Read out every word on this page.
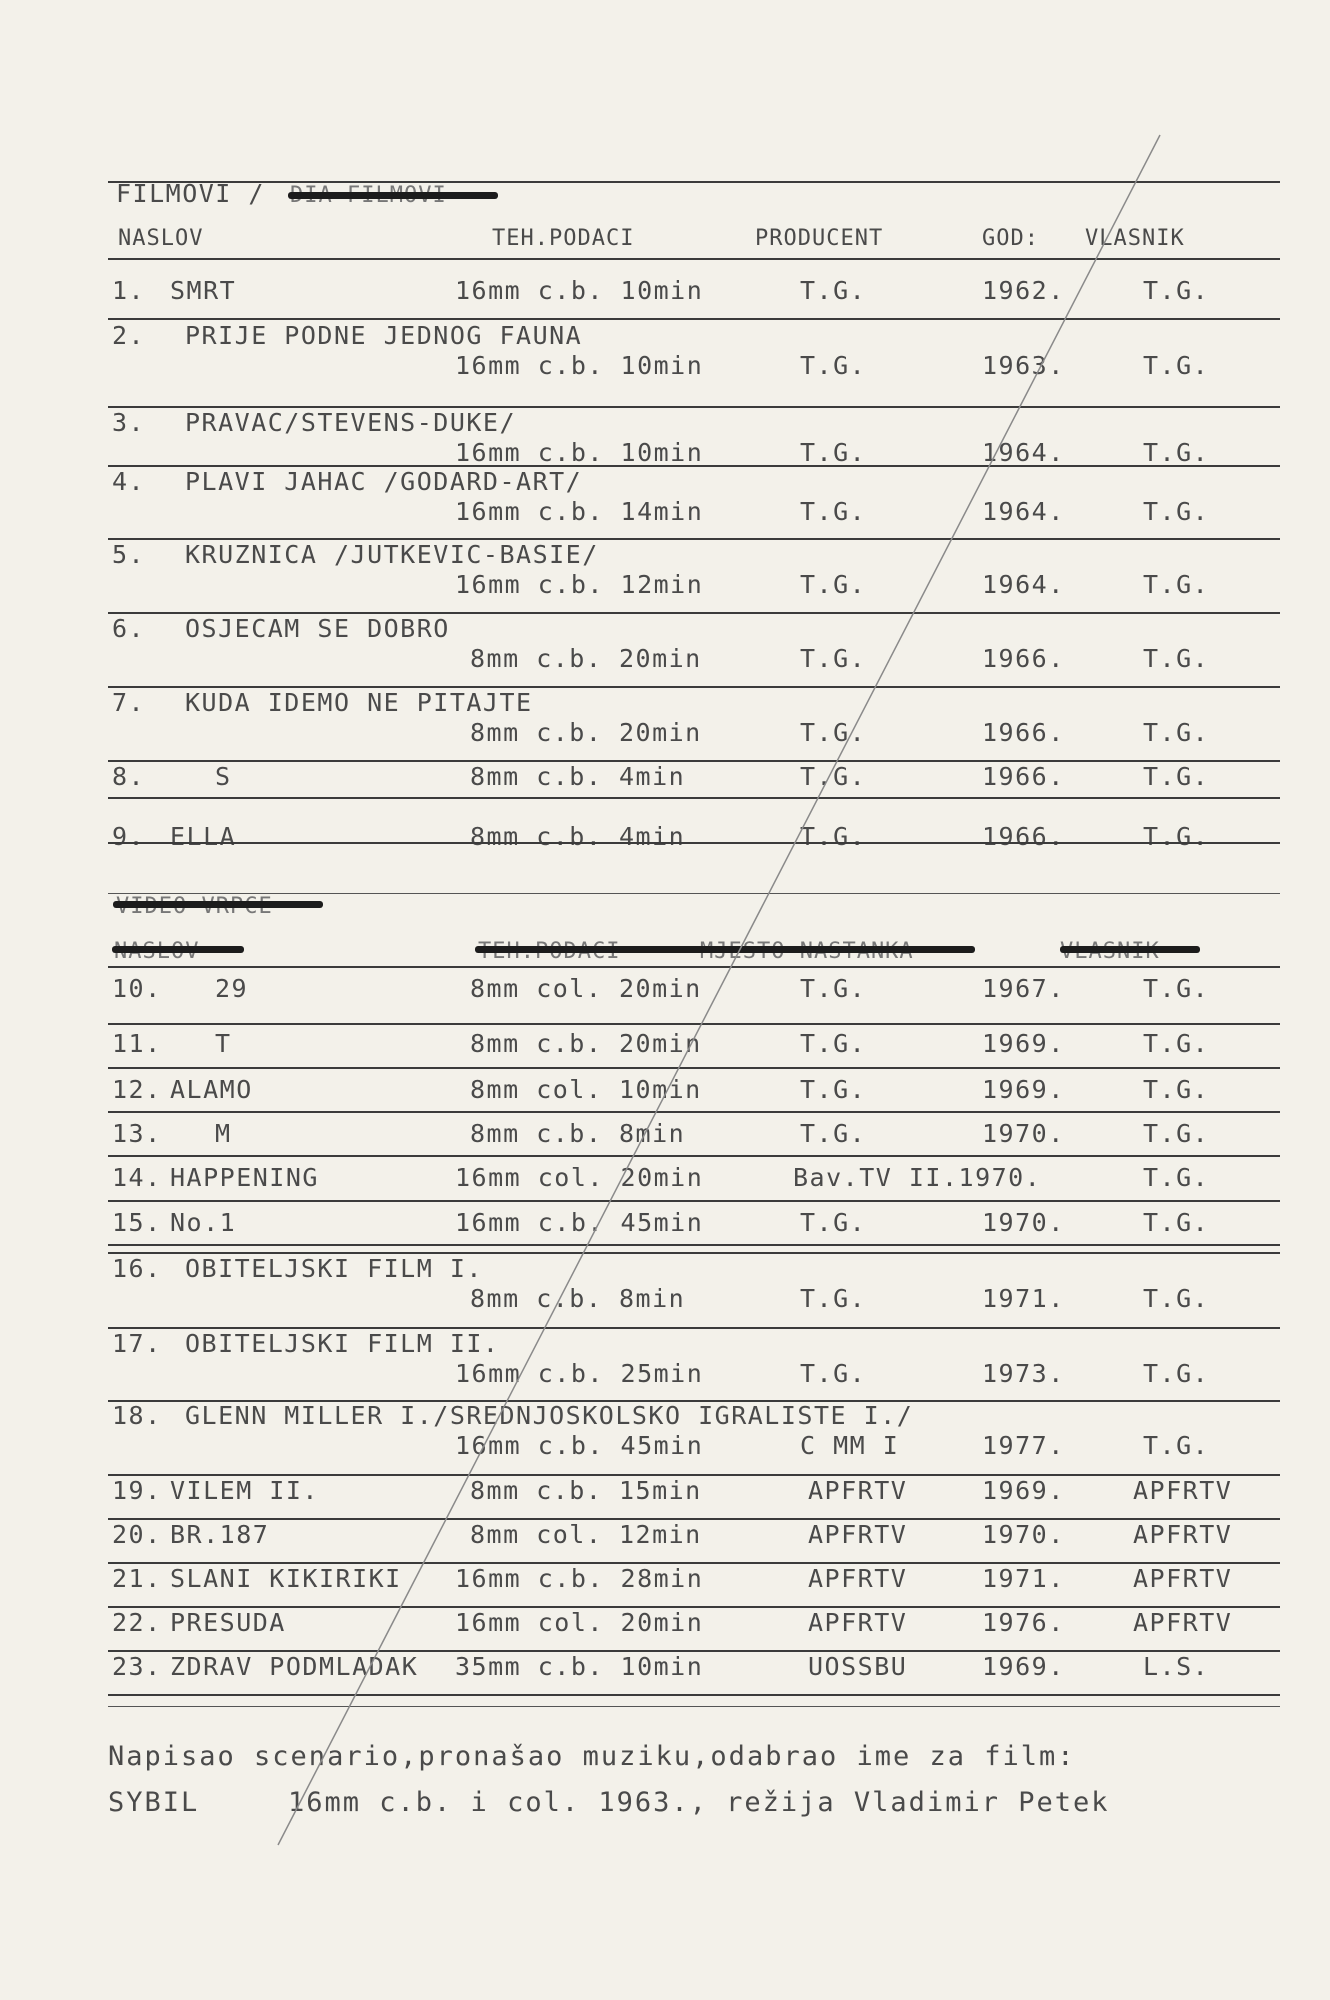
FILMOVI /
NASLOV	TEH.PODACI	PRODUCENT	GOD: VLASNIK
1. SMRT	16mm c.b. 10min	T.G.	1962.	T.G.
2. PRIJE PODNE JEDNOG FAUNA
16mm c.b. 10min	T.G.	1963.	T.G.
3. PRAVAC/STEVENS-DUKE/
16mm c.b. 10min	T.G.	1964.	T.G.
4. PLAVI JAHAC /GODARD-ART/
16mm c.b. 14min	T.G.	1964.	T.G.
5. KRUZNICA /JUTKEVIC-BASIE/
16mm c.b. 12min	T.G.	1964.	T.G.
6. OSJECAM SE DOBRO
8mm c.b. 20min	T.G.	1966.	T.G.
7. KUDA IDEMO NE PITAJTE
8mm c.b. 20min	T.G.	1966.	T.G.
8.	S	8mm c.b. 4min	T.G.	1966.	T.G.
9. ELLA	8mm c.b. 4min	T.G.	1966.	T.G.
10. 29	8mm col. 20min	T.G.	1967.	T.G.
11. T	8mm c.b. 20min	T.G.	1969.	T.G.
12. ALAMO	8mm col. 10min	T.G.	1969.	T.G.
13. M	8mm c.b. 8min	T.G.	1970.	T.G.
14. HAPPENING	16mm col. 20min	Bav.TV II.1970.	T.G.
15. No.1	16mm c.b. 45min	T.G.	1970.	T.G.
16. OBITELJSKI FILM I.
8mm c.b. 8min	T.G.	1971.	T.G.
17. OBITELJSKI FILM II.
16mm c.b. 25min	T.G.	1973.	T.G.
18. GLENN MILLER I./SREDNJOSKOLSKO IGRALISTE I./
16mm c.b. 45min	C MM I	1977.	T.G.
19. VILEM II.	8mm c.b. 15min	APFRTV	1969.	APFRTV
20. BR.187	8mm col. 12min	APFRTV	1970.	APFRTV
21. SLANI KIKIRIKI 16mm c.b. 28min	APFRTV	1971.	APFRTV
22. PRESUDA	16mm col. 20min	APFRTV	1976.	APFRTV
23. ZDRAV PODMLADAK 35mm c.b. 10min	UOSSBU	1969.	L.S.
Napisao scenario,pronašao muziku,odabrao ime za film:
SYBIL	16mm c.b. i col. 1963., režija Vladimir Petek
